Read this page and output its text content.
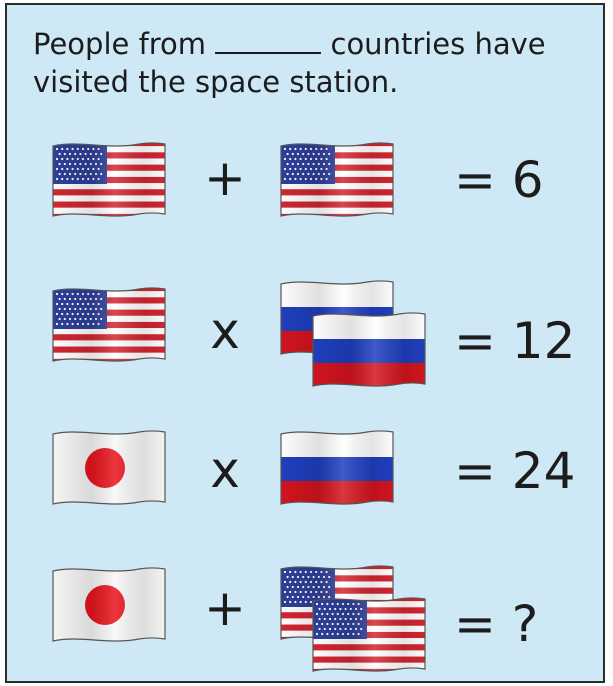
People from	countries have
visited the space station.
+	= 6
x	= 12
x	= 24
+	= ?
